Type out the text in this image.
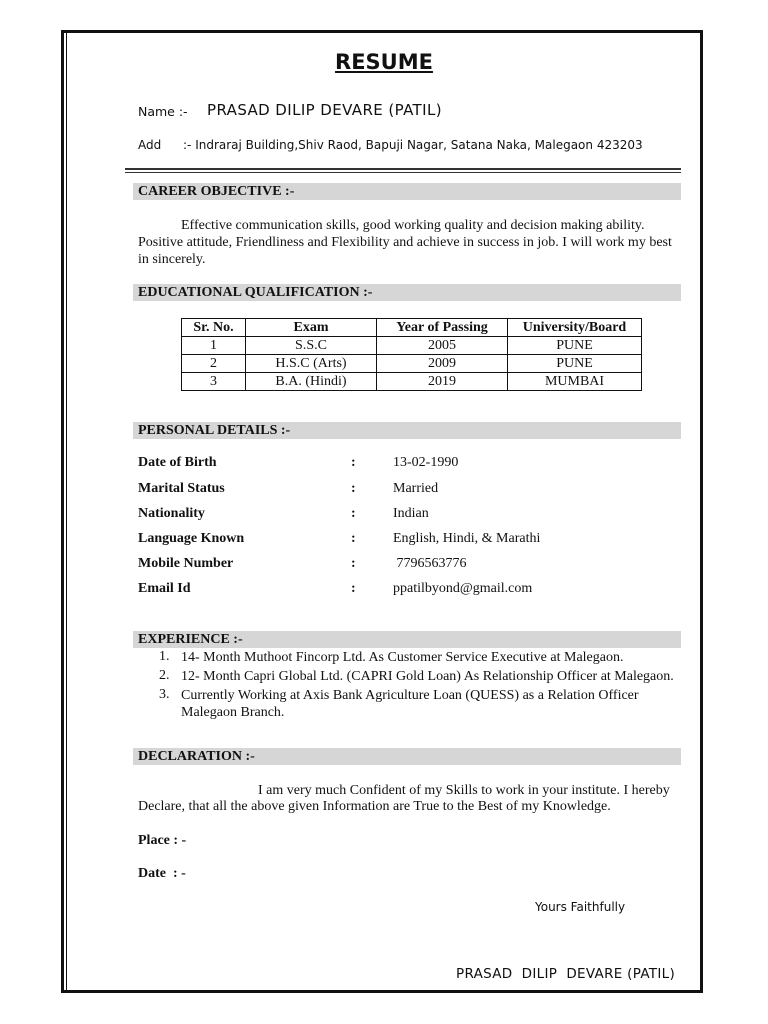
RESUME
Name :- PRASAD DILIP DEVARE (PATIL)
Add :- Indraraj Building,Shiv Raod, Bapuji Nagar, Satana Naka, Malegaon 423203
CAREER OBJECTIVE :-
Effective communication skills, good working quality and decision making ability.
Positive attitude, Friendliness and Flexibility and achieve in success in job. I will work my best
in sincerely.
EDUCATIONAL QUALIFICATION :-
Sr. No.	Exam	Year of Passing	University/Board
1	S.S.C	2005	PUNE
2	H.S.C (Arts)	2009	PUNE
3	B.A. (Hindi)	2019	MUMBAI
PERSONAL DETAILS :-
Date of Birth	:	13-02-1990
Marital Status	:	Married
Nationality	:	Indian
Language Known	:	English, Hindi, & Marathi
Mobile Number	:	7796563776
Email Id	:	ppatilbyond@gmail.com
EXPERIENCE :-
1. 14- Month Muthoot Fincorp Ltd. As Customer Service Executive at Malegaon.
2. 12- Month Capri Global Ltd. (CAPRI Gold Loan) As Relationship Officer at Malegaon.
3. Currently Working at Axis Bank Agriculture Loan (QUESS) as a Relation Officer
Malegaon Branch.
DECLARATION :-
I am very much Confident of my Skills to work in your institute. I hereby
Declare, that all the above given Information are True to the Best of my Knowledge.
Place : -
Date  : -
Yours Faithfully
PRASAD  DILIP  DEVARE (PATIL)
